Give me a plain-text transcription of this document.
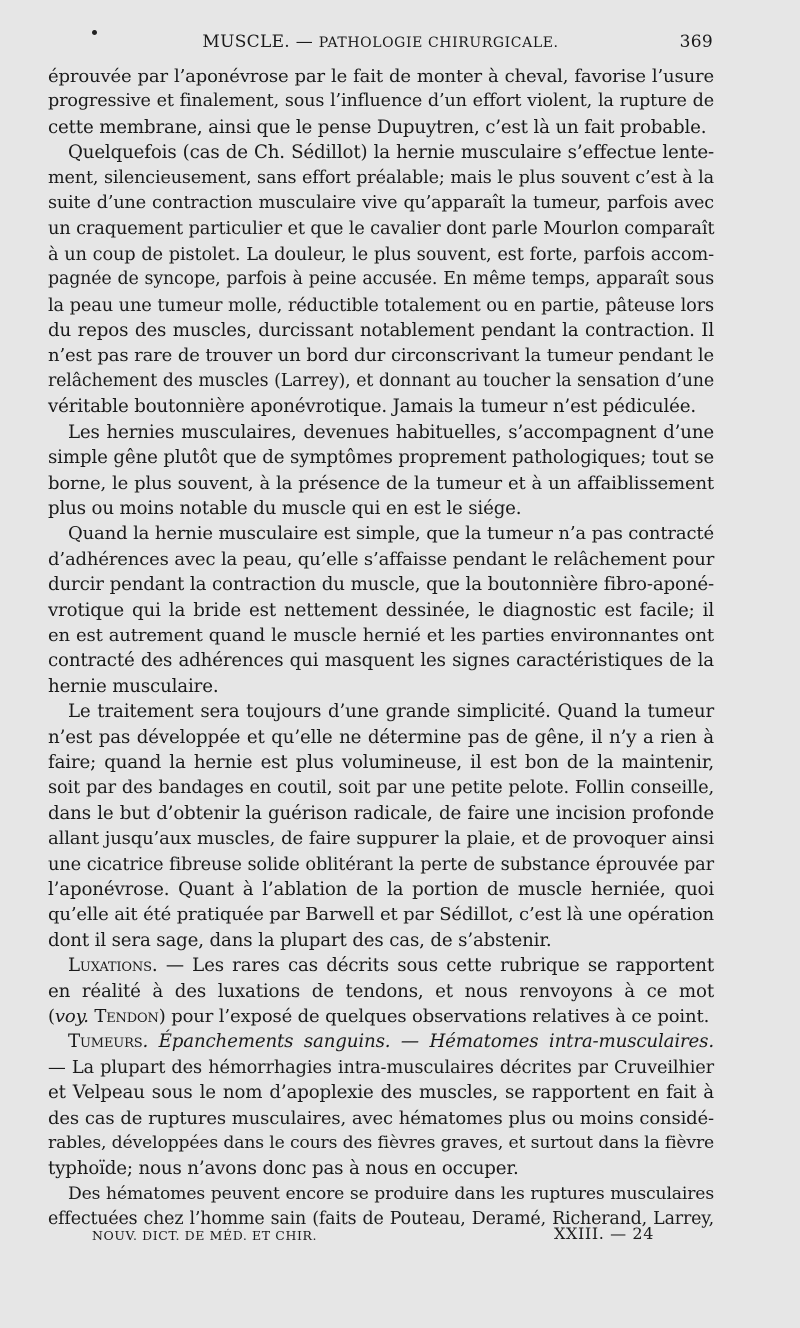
MUSCLE. — PATHOLOGIE CHIRURGICALE.	369

éprouvée par l’aponévrose par le fait de monter à cheval, favorise l’usure
progressive et finalement, sous l’influence d’un effort violent, la rupture de
cette membrane, ainsi que le pense Dupuytren, c’est là un fait probable.

Quelquefois (cas de Ch. Sédillot) la hernie musculaire s’effectue lente-
ment, silencieusement, sans effort préalable; mais le plus souvent c’est à la
suite d’une contraction musculaire vive qu’apparaît la tumeur, parfois avec
un craquement particulier et que le cavalier dont parle Mourlon comparaît
à un coup de pistolet. La douleur, le plus souvent, est forte, parfois accom-
pagnée de syncope, parfois à peine accusée. En même temps, apparaît sous
la peau une tumeur molle, réductible totalement ou en partie, pâteuse lors
du repos des muscles, durcissant notablement pendant la contraction. Il
n’est pas rare de trouver un bord dur circonscrivant la tumeur pendant le
relâchement des muscles (Larrey), et donnant au toucher la sensation d’une
véritable boutonnière aponévrotique. Jamais la tumeur n’est pédiculée.

Les hernies musculaires, devenues habituelles, s’accompagnent d’une
simple gêne plutôt que de symptômes proprement pathologiques; tout se
borne, le plus souvent, à la présence de la tumeur et à un affaiblissement
plus ou moins notable du muscle qui en est le siége.

Quand la hernie musculaire est simple, que la tumeur n’a pas contracté
d’adhérences avec la peau, qu’elle s’affaisse pendant le relâchement pour
durcir pendant la contraction du muscle, que la boutonnière fibro-aponé-
vrotique qui la bride est nettement dessinée, le diagnostic est facile; il
en est autrement quand le muscle hernié et les parties environnantes ont
contracté des adhérences qui masquent les signes caractéristiques de la
hernie musculaire.

Le traitement sera toujours d’une grande simplicité. Quand la tumeur
n’est pas développée et qu’elle ne détermine pas de gêne, il n’y a rien à
faire; quand la hernie est plus volumineuse, il est bon de la maintenir,
soit par des bandages en coutil, soit par une petite pelote. Follin conseille,
dans le but d’obtenir la guérison radicale, de faire une incision profonde
allant jusqu’aux muscles, de faire suppurer la plaie, et de provoquer ainsi
une cicatrice fibreuse solide oblitérant la perte de substance éprouvée par
l’aponévrose. Quant à l’ablation de la portion de muscle herniée, quoi
qu’elle ait été pratiquée par Barwell et par Sédillot, c’est là une opération
dont il sera sage, dans la plupart des cas, de s’abstenir.

Luxations. — Les rares cas décrits sous cette rubrique se rapportent
en réalité à des luxations de tendons, et nous renvoyons à ce mot
(voy. Tendon) pour l’exposé de quelques observations relatives à ce point.

Tumeurs. Épanchements sanguins. — Hématomes intra-musculaires.
— La plupart des hémorrhagies intra-musculaires décrites par Cruveilhier
et Velpeau sous le nom d’apoplexie des muscles, se rapportent en fait à
des cas de ruptures musculaires, avec hématomes plus ou moins considé-
rables, développées dans le cours des fièvres graves, et surtout dans la fièvre
typhoïde; nous n’avons donc pas à nous en occuper.

Des hématomes peuvent encore se produire dans les ruptures musculaires
effectuées chez l’homme sain (faits de Pouteau, Deramé, Richerand, Larrey,

NOUV. DICT. DE MÉD. ET CHIR.	XXIII. — 24
